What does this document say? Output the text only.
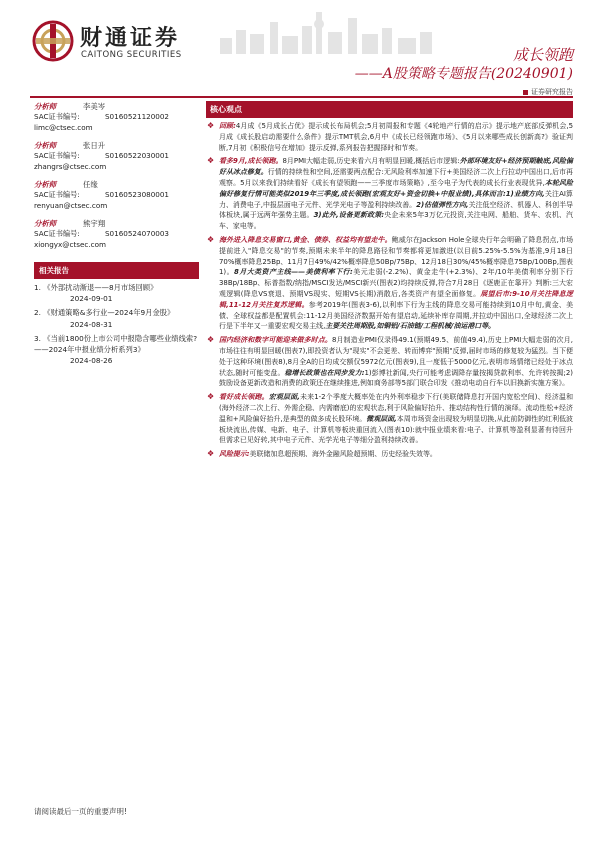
财通证券
CAITONG SECURITIES	成长领跑
——A股策略专题报告(20240901)
证券研究报告
分析师	李美岑
SAC证书编号:	S0160521120002
limc@ctsec.com
分析师	张日升
SAC证书编号:	S0160522030001
zhangrs@ctsec.com
分析师	任缘
SAC证书编号:	S0160523080001
renyuan@ctsec.com
分析师	熊宇翔
SAC证书编号:	S0160524070003
xiongyx@ctsec.com
相关报告
1. 《外部扰动渐退——8月市场回顾》
2024-09-01
2. 《财通策略&多行业—2024年9月金股》
2024-08-31
3. 《当前1800份上市公司中报隐含哪些业绩线索?——2024年中报业绩分析系列3》
2024-08-26
核心观点
❖ 回顾:4月成《5月成长占优》提示成长布局机会;5月初周报和专题《4轮地产行情的启示》提示地产底部反弹机会,5月成《成长股启动需要什么条件》提示TMT机会,6月中《成长已经领跑市场》、《5月以来哪些成长创新高?》验证判断,7月初《积极信号在增加》提示反弹,系列报告把握择时和节奏。
❖ 看多9月,成长领跑。8月PMI大幅走弱,历史来看六月有明显回暖,概括后市逻辑:外部环境友好+经济预期触底,风险偏好从冰点修复。行情的持续性和空间,还需要两点配合:无风险利率加速下行+美国经济二次上行拉动中国出口,后市再观察。5月以来我们持续看好《成长有望领跑——三季度市场策略》,至今电子为代表的成长行业表现优异,本轮风险偏好修复行情可能类似2019年三季度,成长领跑(宏观友好+资金切换+中报业绩),具体而言:1)业绩方向,关注AI算力、消费电子,中报层面电子元件、光学光电子等盈利持续改善。2)估值弹性方向,关注低空经济、机器人、科创半导体板块,属于远两年强势主题。3)此外,设备更新政策:央企未来5年3万亿元投资,关注电网、船舶、货车、农机、汽车、家电等。
❖ 海外进入降息交易窗口,黄金、债券、权益均有望走牛。鲍威尔在Jackson Hole全球央行年会明确了降息拐点,市场提前进入"降息交易"的节奏,预期未来半年的降息路径和节奏都将更加激进(以目前5.25%-5.5%为基准,9月18日70%概率降息25Bp、11月7日49%/42%概率降息50Bp/75Bp、12月18日30%/45%概率降息75Bp/100Bp,图表1)。8月大类资产主线——美债利率下行:美元走弱(-2.2%)、黄金走牛(+2.3%)、2年/10年美债利率分别下行38Bp/18Bp、标普指数/纳指/MSCI发达/MSCI新兴(图表2)均持续反弹,符合7月28日《逐鹿正在靠开》判断:三大宏观逻辑(降息VS衰退、预期VS现实、短期VS长期)消散后,各类资产有望全面修复。展望后市:9-10月关注降息逻辑,11-12月关注复苏逻辑。参考2019年(图表3-6),以利率下行为主线的降息交易可能持续到10月中旬,黄金、美债、全球权益都是配置机会:11-12月美国经济数据开始有望启动,延续补库存周期,并拉动中国出口,全球经济二次上行是下半年又一重要宏观交易主线,主要关注周期股,如铜铝/石油链/工程机械/油运港口等。
❖ 国内经济和数字可能迎来做多时点。8月制造业PMI仅录得49.1(预期49.5、前值49.4),历史上PMI大幅走弱的次月,市场往往有明显回暖(图表7),即投资者认为"现实"不会更差、转而博弈"预期"反弹,届时市场的修复较为猛烈。当下便处于这种环境(图表8),8月全A的日均成交额仅5972亿元(图表9),且一度低于5000亿元,表明市场情绪已经处于冰点状态,随时可能变盘。稳增长政策也在同步发力:1)彭博社新闻,央行可能考虑调降存量按揭贷款利率、允许转按揭;2)鼓励设备更新改造和消费的政策还在继续推进,例如商务部等5部门联合印发《推动电动自行车以旧换新实施方案》。
❖ 看好成长领跑。宏观层面,未来1-2个季度大概率处在内外利率稳步下行(美联储降息打开国内宽松空间)、经济温和(海外经济二次上行、外需企稳、内需磨底)的宏观状态,利于风险偏好抬升、推动结构性行情的演绎。流动性松+经济温和+风险偏好抬升,是典型的做多成长股环境。微观层面,本周市场资金出现较为明显切换,从此前防御性的红利低波板块流出,传媒、电新、电子、计算机等板块重回流入(图表10):就中报业绩来看:电子、计算机等盈利显著有待回升但需求已见好转,其中电子元件、光学光电子等细分盈利持续改善。
❖ 风险提示:美联储加息超预期、海外金融风险超预期、历史经验失效等。
请阅读最后一页的重要声明!
